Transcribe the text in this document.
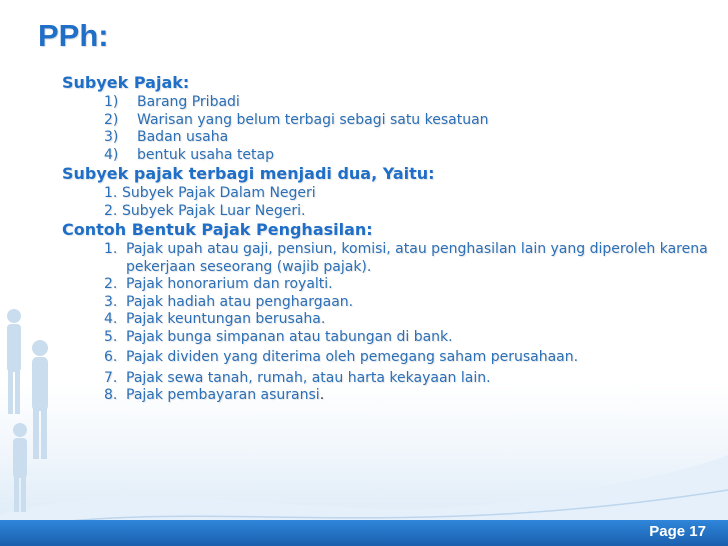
PPh:
Subyek Pajak:
1)	Barang Pribadi
2)	Warisan yang belum terbagi sebagi satu kesatuan
3)	Badan usaha
4)	bentuk usaha tetap
Subyek pajak terbagi menjadi dua, Yaitu:
1. Subyek Pajak Dalam Negeri
2. Subyek Pajak Luar Negeri.
Contoh Bentuk Pajak Penghasilan:
1. Pajak upah atau gaji, pensiun, komisi, atau penghasilan lain yang diperoleh karena pekerjaan seseorang (wajib pajak).
2. Pajak honorarium dan royalti.
3. Pajak hadiah atau penghargaan.
4. Pajak keuntungan berusaha.
5. Pajak bunga simpanan atau tabungan di bank.
6. Pajak dividen yang diterima oleh pemegang saham perusahaan.
7. Pajak sewa tanah, rumah, atau harta kekayaan lain.
8. Pajak pembayaran asuransi.
Page 17
